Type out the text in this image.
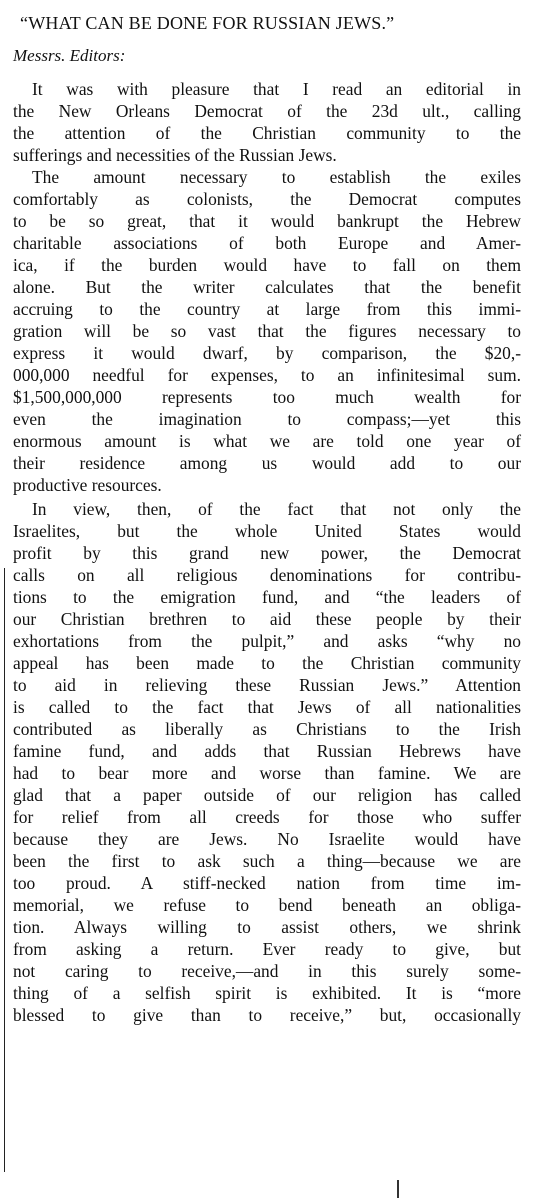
“WHAT CAN BE DONE FOR RUSSIAN JEWS.”
Messrs. Editors:
It was with pleasure that I read an editorial in
the New Orleans Democrat of the 23d ult., calling
the attention of the Christian community to the
sufferings and necessities of the Russian Jews.
The amount necessary to establish the exiles
comfortably as colonists, the Democrat computes
to be so great, that it would bankrupt the Hebrew
charitable associations of both Europe and Amer-
ica, if the burden would have to fall on them
alone. But the writer calculates that the benefit
accruing to the country at large from this immi-
gration will be so vast that the figures necessary to
express it would dwarf, by comparison, the $20,-
000,000 needful for expenses, to an infinitesimal sum.
$1,500,000,000 represents too much wealth for
even the imagination to compass;—yet this
enormous amount is what we are told one year of
their residence among us would add to our
productive resources.
In view, then, of the fact that not only the
Israelites, but the whole United States would
profit by this grand new power, the Democrat
calls on all religious denominations for contribu-
tions to the emigration fund, and “the leaders of
our Christian brethren to aid these people by their
exhortations from the pulpit,” and asks “why no
appeal has been made to the Christian community
to aid in relieving these Russian Jews.” Attention
is called to the fact that Jews of all nationalities
contributed as liberally as Christians to the Irish
famine fund, and adds that Russian Hebrews have
had to bear more and worse than famine. We are
glad that a paper outside of our religion has called
for relief from all creeds for those who suffer
because they are Jews. No Israelite would have
been the first to ask such a thing—because we are
too proud. A stiff-necked nation from time im-
memorial, we refuse to bend beneath an obliga-
tion. Always willing to assist others, we shrink
from asking a return. Ever ready to give, but
not caring to receive,—and in this surely some-
thing of a selfish spirit is exhibited. It is “more
blessed to give than to receive,” but, occasionally
